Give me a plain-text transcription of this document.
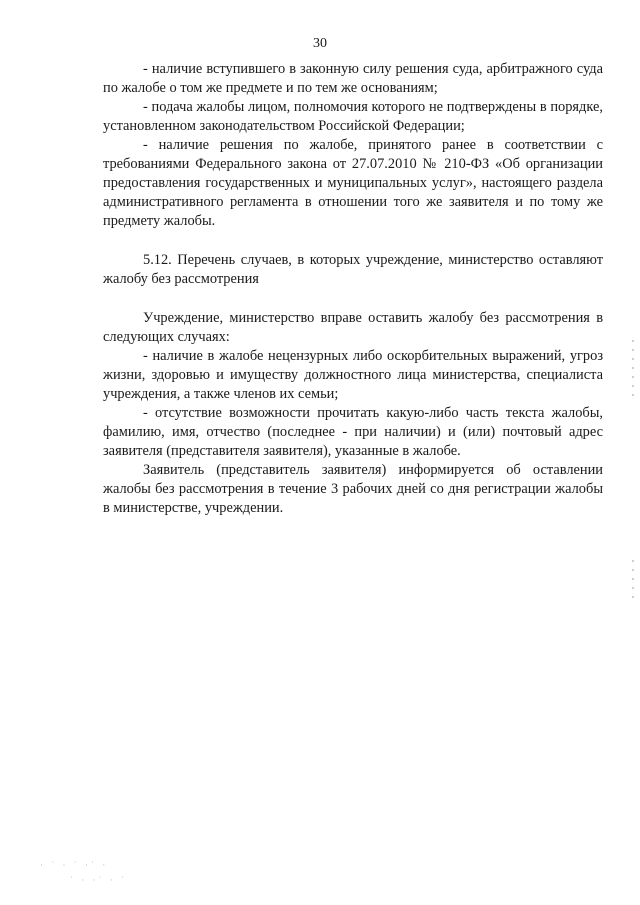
30

- наличие вступившего в законную силу решения суда, арбитражного суда по жалобе о том же предмете и по тем же основаниям;

- подача жалобы лицом, полномочия которого не подтверждены в порядке, установленном законодательством Российской Федерации;

- наличие решения по жалобе, принятого ранее в соответствии с требованиями Федерального закона от 27.07.2010 № 210-ФЗ «Об организации предоставления государственных и муниципальных услуг», настоящего раздела административного регламента в отношении того же заявителя и по тому же предмету жалобы.

5.12. Перечень случаев, в которых учреждение, министерство оставляют жалобу без рассмотрения

Учреждение, министерство вправе оставить жалобу без рассмотрения в следующих случаях:

- наличие в жалобе нецензурных либо оскорбительных выражений, угроз жизни, здоровью и имуществу должностного лица министерства, специалиста учреждения, а также членов их семьи;

- отсутствие возможности прочитать какую-либо часть текста жалобы, фамилию, имя, отчество (последнее - при наличии) и (или) почтовый адрес заявителя (представителя заявителя), указанные в жалобе.

Заявитель (представитель заявителя) информируется об оставлении жалобы без рассмотрения в течение 3 рабочих дней со дня регистрации жалобы в министерстве, учреждении.

· ˙ · ˙ ·˙ ·
˙ · ·˙ · ˙
